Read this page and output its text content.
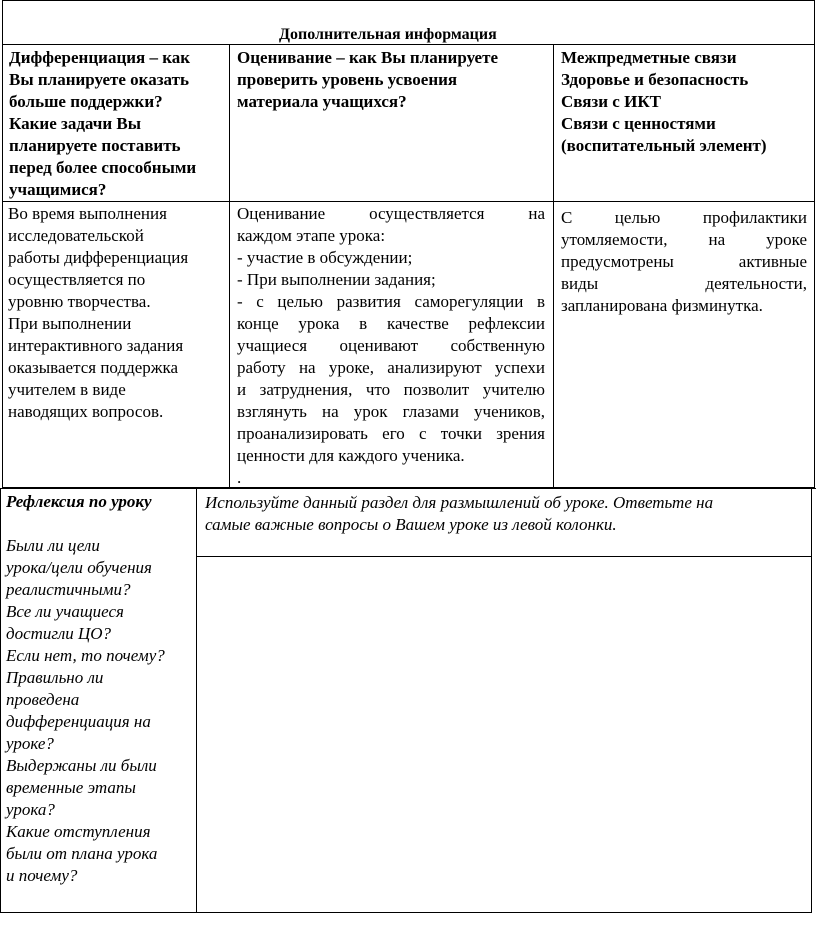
Дополнительная информация
Дифференциация – как
Вы планируете оказать
больше поддержки?
Какие задачи Вы
планируете поставить
перед более способными
учащимися?
Оценивание – как Вы планируете
проверить уровень усвоения
материала учащихся?
Межпредметные связи
Здоровье и безопасность
Связи с ИКТ
Связи с ценностями
(воспитательный элемент)
Во время выполнения
исследовательской
работы дифференциация
осуществляется по
уровню творчества.
При выполнении
интерактивного задания
оказывается поддержка
учителем в виде
наводящих вопросов.
Оценивание осуществляется на
каждом этапе урока:
- участие в обсуждении;
- При выполнении задания;
- с целью развития саморегуляции в
конце урока в качестве рефлексии
учащиеся оценивают собственную
работу на уроке, анализируют успехи
и затруднения, что позволит учителю
взглянуть на урок глазами учеников,
проанализировать его с точки зрения
ценности для каждого ученика.
.
С целью профилактики
утомляемости, на уроке
предусмотрены активные
виды деятельности,
запланирована физминутка.
Рефлексия по уроку
Были ли цели
урока/цели обучения
реалистичными?
Все ли учащиеся
достигли ЦО?
Если нет, то почему?
Правильно ли
проведена
дифференциация на
уроке?
Выдержаны ли были
временные этапы
урока?
Какие отступления
были от плана урока
и почему?
Используйте данный раздел для размышлений об уроке. Ответьте на
самые важные вопросы о Вашем уроке из левой колонки.
